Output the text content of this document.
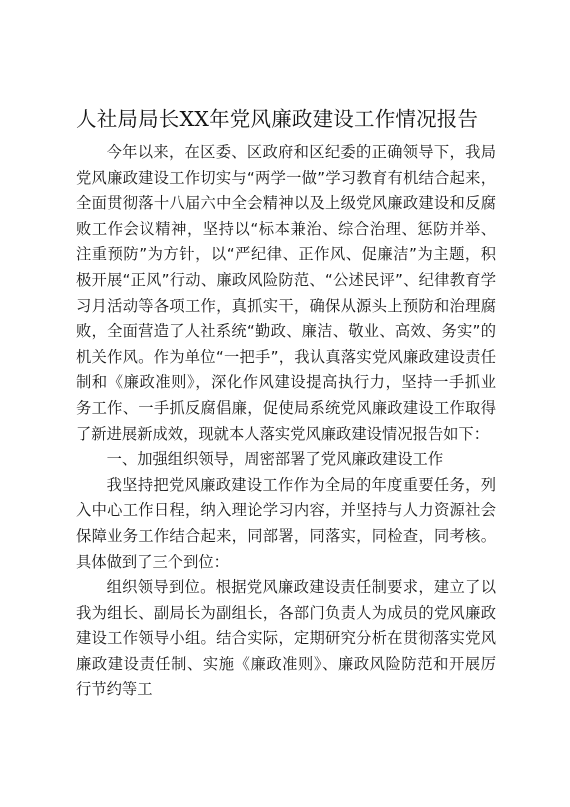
人社局局长XX年党风廉政建设工作情况报告

今年以来，在区委、区政府和区纪委的正确领导下，我局党风廉政建设工作切实与“两学一做”学习教育有机结合起来，全面贯彻落十八届六中全会精神以及上级党风廉政建设和反腐败工作会议精神，坚持以“标本兼治、综合治理、惩防并举、注重预防”为方针，以“严纪律、正作风、促廉洁”为主题，积极开展“正风”行动、廉政风险防范、“公述民评”、纪律教育学习月活动等各项工作，真抓实干，确保从源头上预防和治理腐败，全面营造了人社系统“勤政、廉洁、敬业、高效、务实”的机关作风。作为单位“一把手”，我认真落实党风廉政建设责任制和《廉政准则》，深化作风建设提高执行力，坚持一手抓业务工作、一手抓反腐倡廉，促使局系统党风廉政建设工作取得了新进展新成效，现就本人落实党风廉政建设情况报告如下：

一、加强组织领导，周密部署了党风廉政建设工作

我坚持把党风廉政建设工作作为全局的年度重要任务，列入中心工作日程，纳入理论学习内容，并坚持与人力资源社会保障业务工作结合起来，同部署，同落实，同检查，同考核。具体做到了三个到位：

组织领导到位。根据党风廉政建设责任制要求，建立了以我为组长、副局长为副组长，各部门负责人为成员的党风廉政建设工作领导小组。结合实际，定期研究分析在贯彻落实党风廉政建设责任制、实施《廉政准则》、廉政风险防范和开展厉行节约等工
